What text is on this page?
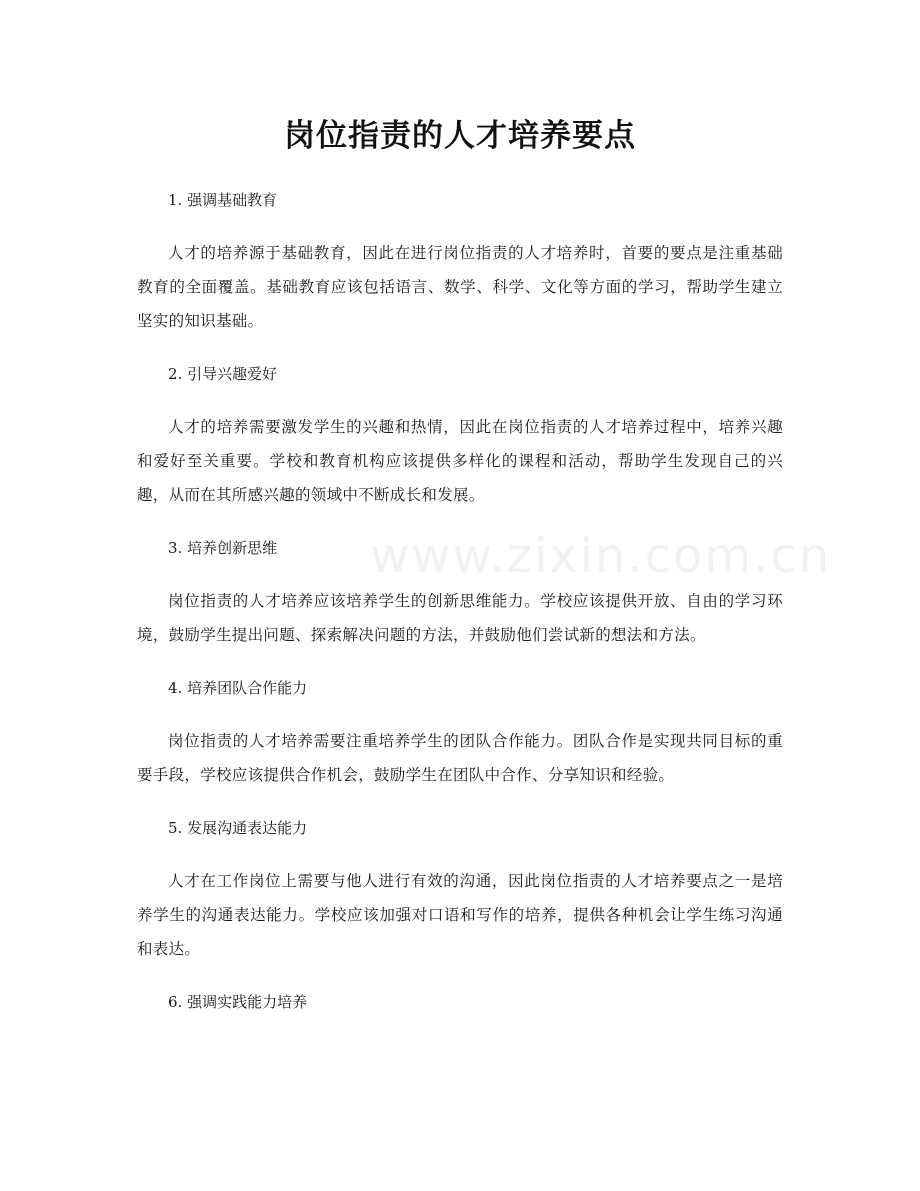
岗位指责的人才培养要点
www.zixin.com.cn

1. 强调基础教育

人才的培养源于基础教育，因此在进行岗位指责的人才培养时，首要的要点是注重基础教育的全面覆盖。基础教育应该包括语言、数学、科学、文化等方面的学习，帮助学生建立坚实的知识基础。

2. 引导兴趣爱好

人才的培养需要激发学生的兴趣和热情，因此在岗位指责的人才培养过程中，培养兴趣和爱好至关重要。学校和教育机构应该提供多样化的课程和活动，帮助学生发现自己的兴趣，从而在其所感兴趣的领域中不断成长和发展。

3. 培养创新思维

岗位指责的人才培养应该培养学生的创新思维能力。学校应该提供开放、自由的学习环境，鼓励学生提出问题、探索解决问题的方法，并鼓励他们尝试新的想法和方法。

4. 培养团队合作能力

岗位指责的人才培养需要注重培养学生的团队合作能力。团队合作是实现共同目标的重要手段，学校应该提供合作机会，鼓励学生在团队中合作、分享知识和经验。

5. 发展沟通表达能力

人才在工作岗位上需要与他人进行有效的沟通，因此岗位指责的人才培养要点之一是培养学生的沟通表达能力。学校应该加强对口语和写作的培养，提供各种机会让学生练习沟通和表达。

6. 强调实践能力培养
